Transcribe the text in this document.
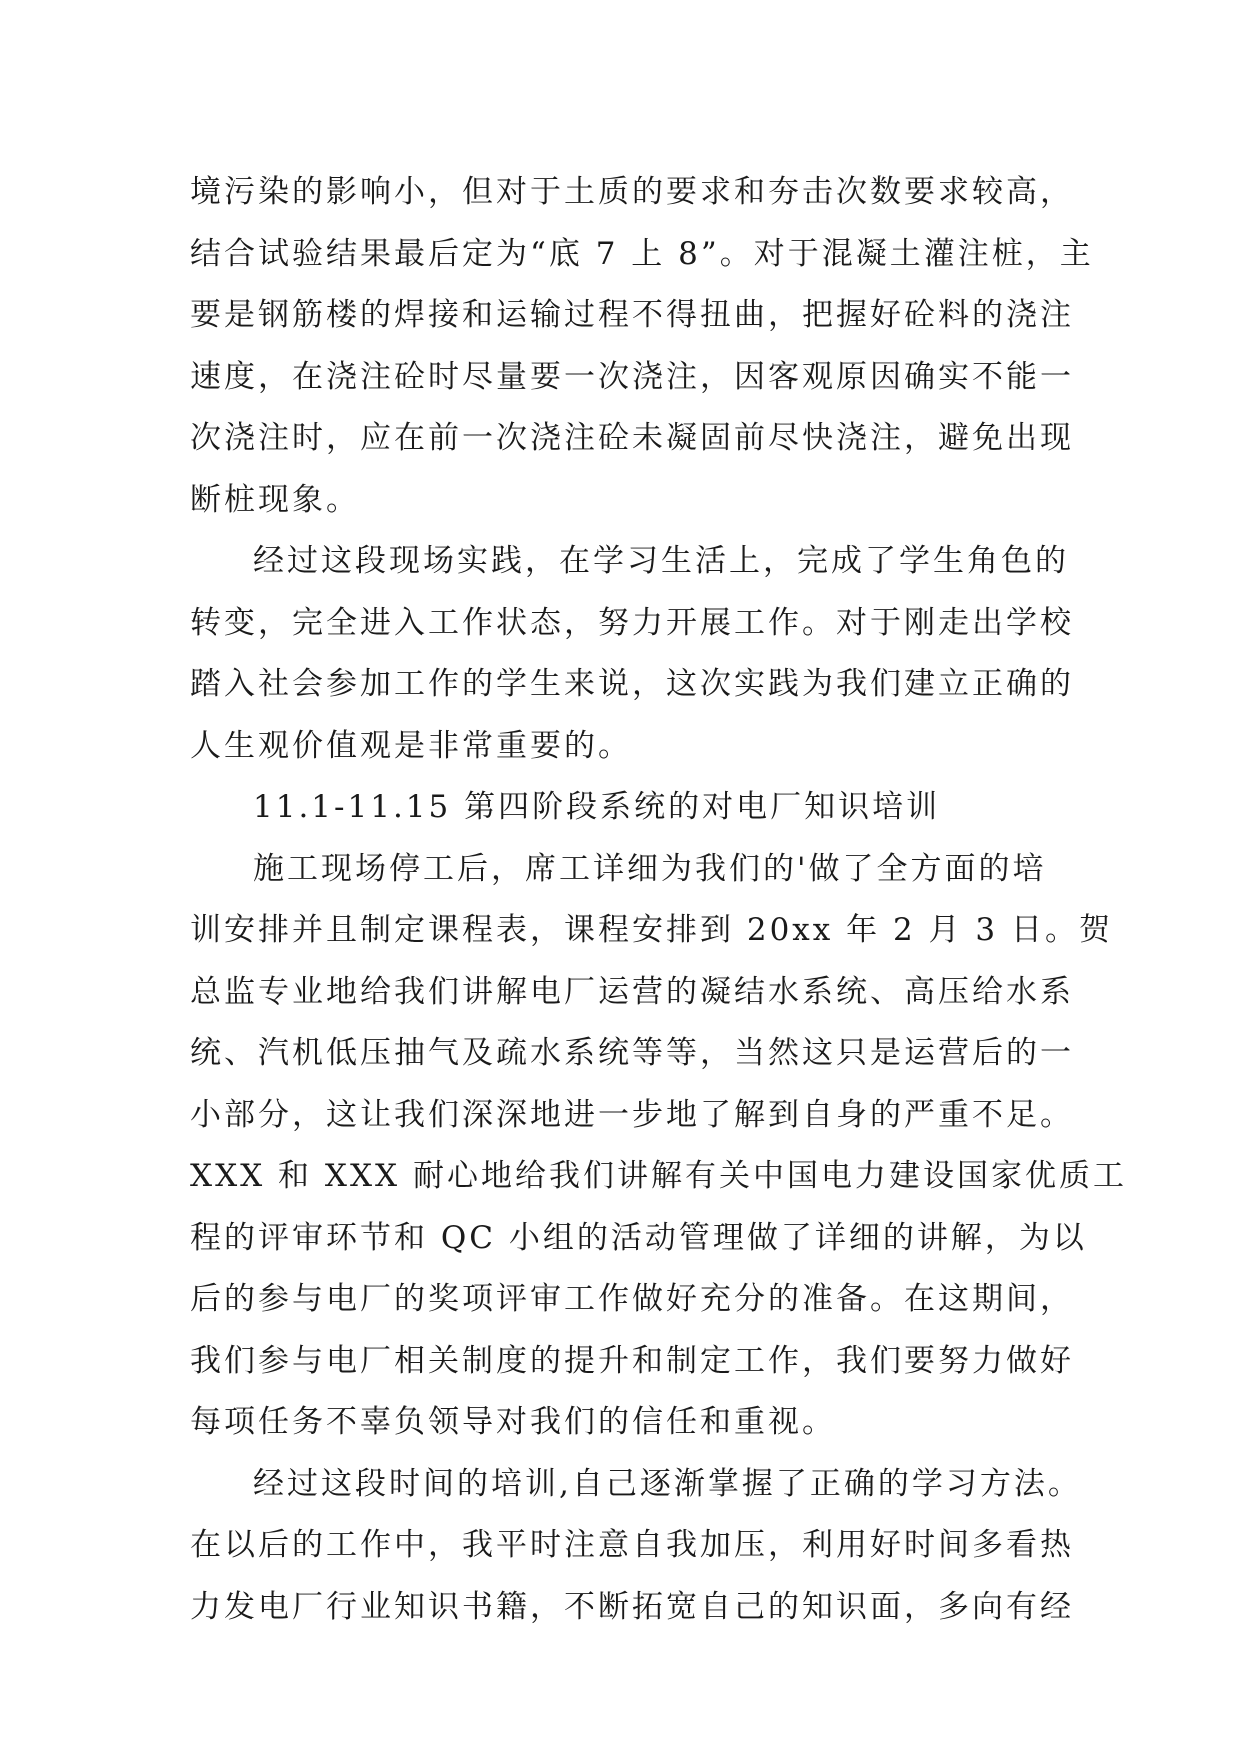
境污染的影响小，但对于土质的要求和夯击次数要求较高，
结合试验结果最后定为“底 7 上 8”。对于混凝土灌注桩，主
要是钢筋楼的焊接和运输过程不得扭曲，把握好砼料的浇注
速度，在浇注砼时尽量要一次浇注，因客观原因确实不能一
次浇注时，应在前一次浇注砼未凝固前尽快浇注，避免出现
断桩现象。
经过这段现场实践，在学习生活上，完成了学生角色的
转变，完全进入工作状态，努力开展工作。对于刚走出学校
踏入社会参加工作的学生来说，这次实践为我们建立正确的
人生观价值观是非常重要的。
11.1-11.15 第四阶段系统的对电厂知识培训
施工现场停工后，席工详细为我们的'做了全方面的培
训安排并且制定课程表，课程安排到 20xx 年 2 月 3 日。贺
总监专业地给我们讲解电厂运营的凝结水系统、高压给水系
统、汽机低压抽气及疏水系统等等，当然这只是运营后的一
小部分，这让我们深深地进一步地了解到自身的严重不足。
XXX 和 XXX 耐心地给我们讲解有关中国电力建设国家优质工
程的评审环节和 QC 小组的活动管理做了详细的讲解，为以
后的参与电厂的奖项评审工作做好充分的准备。在这期间，
我们参与电厂相关制度的提升和制定工作，我们要努力做好
每项任务不辜负领导对我们的信任和重视。
经过这段时间的培训,自己逐渐掌握了正确的学习方法。
在以后的工作中，我平时注意自我加压，利用好时间多看热
力发电厂行业知识书籍，不断拓宽自己的知识面，多向有经
